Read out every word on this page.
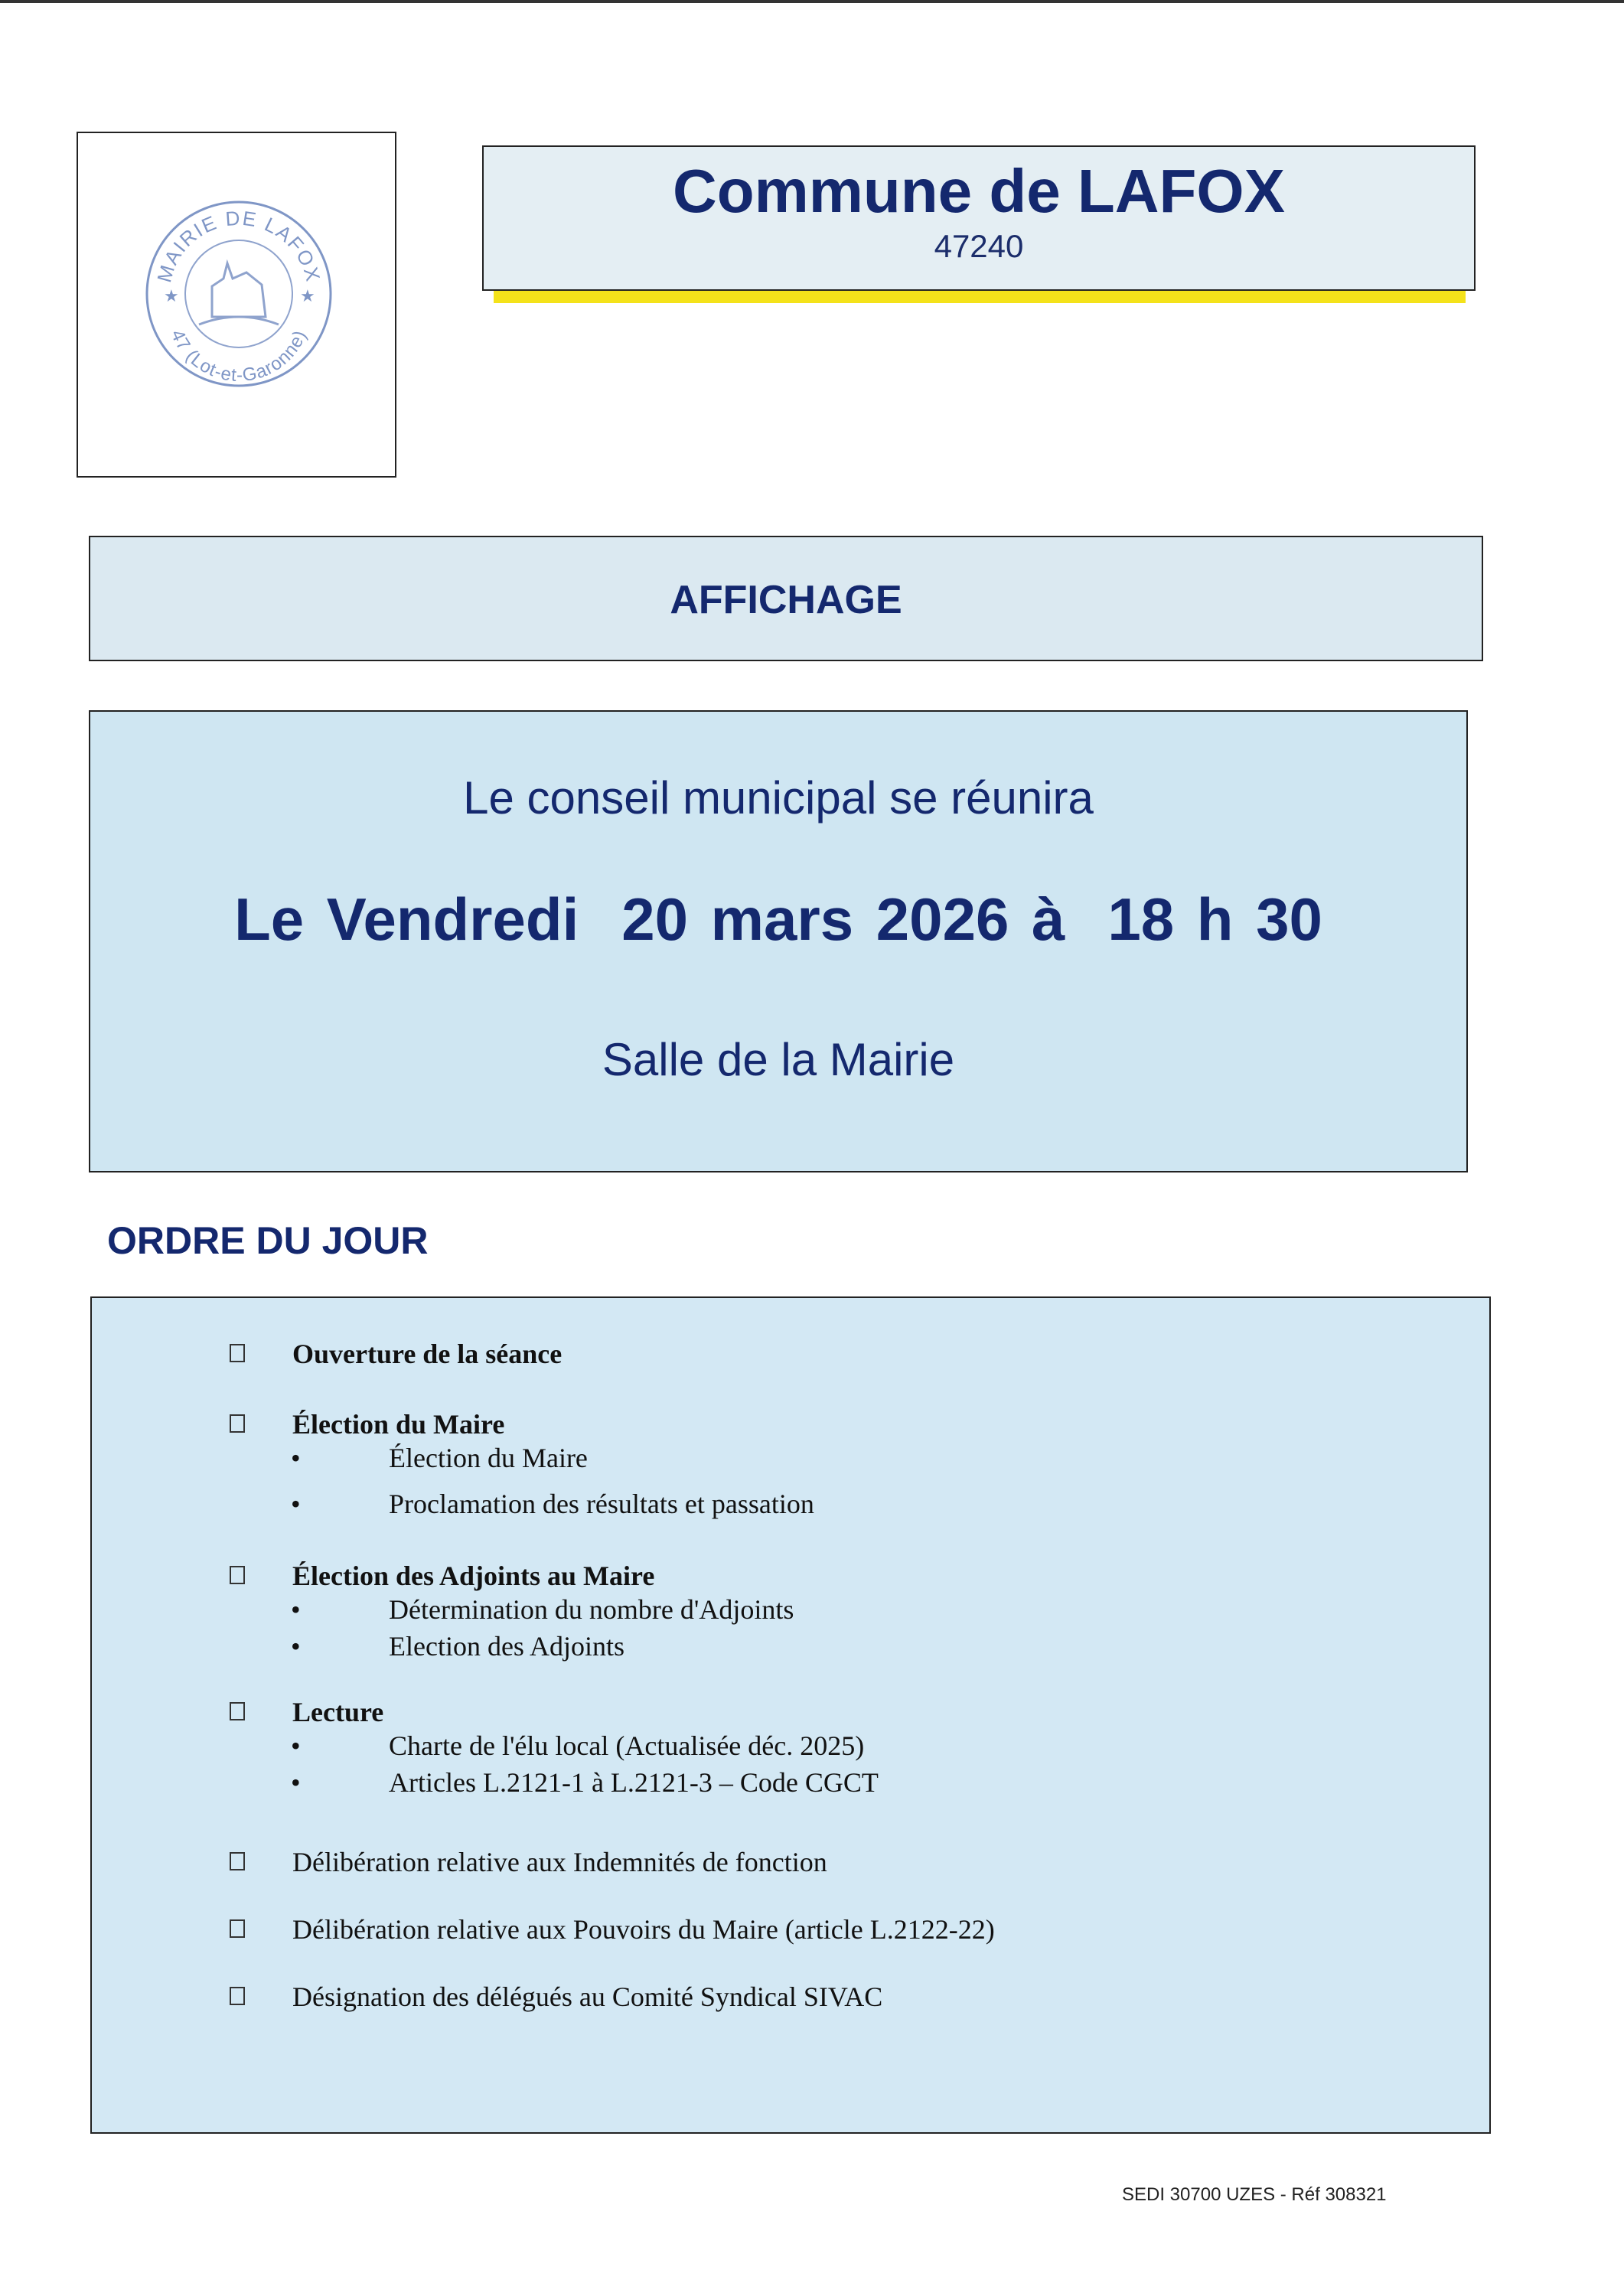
MAIRIE DE LAFOX
47 (Lot-et-Garonne)
★	★
Commune de LAFOX
47240
AFFICHAGE
Le conseil municipal se réunira
Le Vendredi 20 mars 2026 à 18 h 30
Salle de la Mairie
ORDRE DU JOUR
Ouverture de la séance
Élection du Maire
•	Élection du Maire
•	Proclamation des résultats et passation
Élection des Adjoints au Maire
•	Détermination du nombre d'Adjoints
•	Election des Adjoints
Lecture
•	Charte de l'élu local (Actualisée déc. 2025)
•	Articles L.2121-1 à L.2121-3 – Code CGCT
Délibération relative aux Indemnités de fonction
Délibération relative aux Pouvoirs du Maire (article L.2122-22)
Désignation des délégués au Comité Syndical SIVAC
SEDI 30700 UZES - Réf 308321
